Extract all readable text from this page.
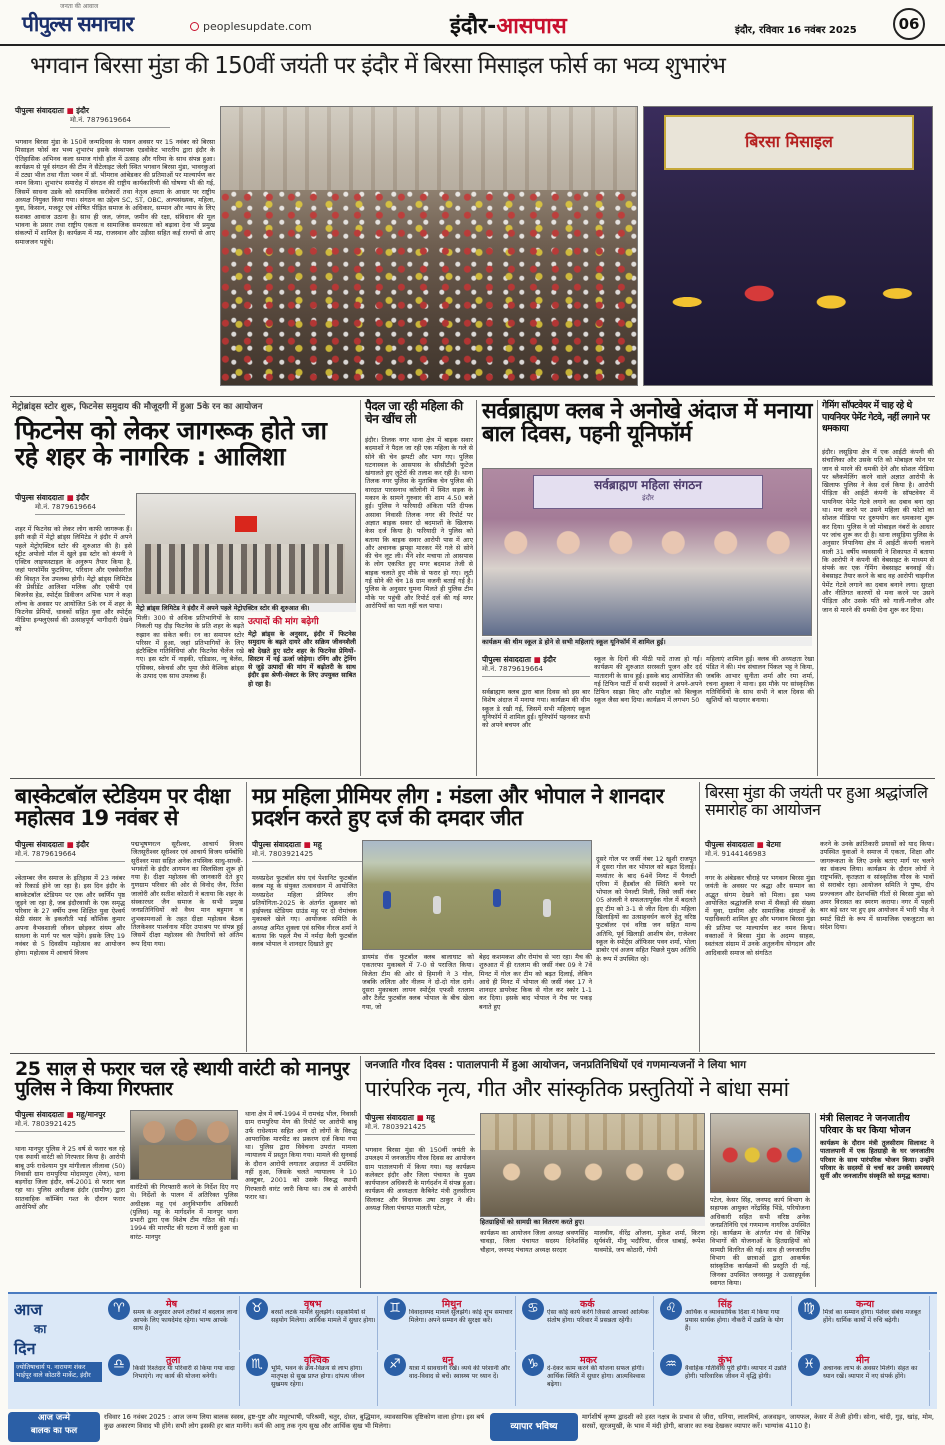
पीपुल्स समाचार
जनता की आवाज
peoplesupdate.com	इंदौर-आसपास	इंदौर, रविवार 16 नवंबर 2025	06
भगवान बिरसा मुंडा की 150वीं जयंती पर इंदौर में बिरसा मिसाइल फोर्स का भव्य शुभारंभ
पीपुल्स संवाददाता ■ इंदौर
मो.नं. 7879619664
भगवान बिरसा मुंडा के 150वें जन्मदिवस के पावन अवसर पर 15 नवंबर को बिरसा मिसाइल फोर्स का भव्य शुभारंभ इसके संस्थापक एडवोकेट भारतीय द्वारा इंदौर के ऐतिहासिक अभिनव कला समाज गांधी हॉल में उत्साह और गरिमा के साथ संपन्न हुआ। कार्यक्रम से पूर्व संगठन की टीम ने सैटेलाइट जेली स्थित भगवान बिरसा मुंडा, भावरकुआं में टट्या भील तथा गीता भवन में डॉ. भीमराव आंबेडकर की प्रतिमाओं पर माल्यार्पण कर नमन किया। शुभारंभ समारोह में संगठन की राष्ट्रीय कार्यकारिणी की घोषणा भी की गई, जिसमें साधना उडके को सामाजिक सरोकारों तथा नेतृत्व क्षमता के आधार पर राष्ट्रीय अध्यक्ष नियुक्त किया गया। संगठन का उद्देश्य SC, ST, OBC, अल्पसंख्यक, महिला, युवा, किसान, मजदूर एवं शोषित पीड़ित समाज के अधिकार, सम्मान और न्याय के लिए सशक्त आवाज उठाना है। साथ ही जल, जंगल, जमीन की रक्षा, संविधान की मूल भावना के प्रसार तथा राष्ट्रीय एकता व सामाजिक समरसता को बढ़ावा देना भी प्रमुख संकल्पों में शामिल है। कार्यक्रम में मप्र, राजस्थान और उड़ीसा सहित कई राज्यों से आए समाजजन पहुंचे।
बिरसा मिसाइल
मेट्रोब्रांड्स स्टोर शुरू, फिटनेस समुदाय की मौजूदगी में हुआ 5के रन का आयोजन
फिटनेस को लेकर जागरूक होते जा रहे शहर के नागरिक : आलिशा
पीपुल्स संवाददाता ■ इंदौर
मो.नं. 7879619664
शहर में फिटनेस को लेकर लोग काफी जागरूक हैं। इसी कड़ी में मेट्रो ब्रांड्स लिमिटेड ने इंदौर में अपने पहले मेट्रोएक्टिव स्टोर की शुरुआत की है। इसे स्ट्रीट अपोलो मॉल में खुले इस स्टोर को कंपनी ने एक्टिव लाइफस्टाइल के अनुरूप तैयार किया है, जहां परफॉर्मेंस फुटवियर, परिधान और एक्सेसरीज की विस्तृत रेंज उपलब्ध होगी। मेट्रो ब्रांड्स लिमिटेड की प्रेसीडेंट आलिशा मलिक और एबीपी एवं बिजनेस हेड, स्पोर्ट्स डिवीजन अभिक भाग ने कहा लॉन्च के अवसर पर आयोजित 5के रन में शहर के फिटनेस प्रेमियों, धावकों सहित युवा और स्पोर्ट्स मीडिया इन्फ्लुएंसर्स की उत्साहपूर्ण भागीदारी देखने को
मेट्रो ब्रांड्स लिमिटेड ने इंदौर में अपने पहले मेट्रोएक्टिव स्टोर की शुरुआत की।
मिली। 300 से अधिक प्रतिभागियों के साथ निकली यह दौड़ फिटनेस के प्रति शहर के बढ़ते रुझान का संकेत बनी। रन का समापन स्टोर परिसर में हुआ, जहां प्रतिभागियों के लिए इंटरैक्टिव गतिविधियां और फिटनेस चैलेंज रखे गए। इस स्टोर में नाइकी, एडिडास, न्यू बैलेंस, एसिक्स, स्केचर्स और पूमा जैसे वैश्विक ब्रांड्स के उत्पाद एक साथ उपलब्ध हैं।
उत्पादों की मांग बढ़ेगी
मेट्रो ब्रांड्स के अनुसार, इंदौर में फिटनेस समुदाय के बढ़ते दायरे और सक्रिय जीवनशैली को देखते हुए स्टोर शहर के फिटनेस प्रेमियों-सिस्टम में नई ऊर्जा जोड़ेगा। रनिंग और ट्रेनिंग से जुड़े उत्पादों की मांग में बढ़ोतरी के साथ इंदौर इस श्रेणी-सेक्टर के लिए उपयुक्त साबित हो रहा है।
पैदल जा रही महिला की चेन खींच ली
इंदौर। तिलक नगर थाना क्षेत्र में बाइक सवार बदमाशों ने पैदल जा रही एक महिला के गले से सोने की चेन झपटी और भाग गए। पुलिस घटनास्थल के आसपास के सीसीटीवी फुटेज खंगालते हुए लुटेरों की तलाश कर रही है। थाना तिलक नगर पुलिस के मुताबिक चेन पुलिस की वारदात पारसनाथ कॉलोनी में स्थित सड़क के मकान के सामने गुरुवार की शाम 4.50 बजे हुई। पुलिस ने फरियादी अंकिता पति दीपक असावा निवासी तिलक नगर की रिपोर्ट पर अज्ञात बाइक सवार दो बदमाशों के खिलाफ केस दर्ज किया है। फरियादी ने पुलिस को बताया कि बाइक सवार आरोपी पास में आए और अचानक झपट्टा मारकर मेरे गले से सोने की चेन लूट ली। मैंने शोर मचाया तो आसपास के लोग एकत्रित हुए मगर बदमाश तेजी से बाइक चलाते हुए मौके से फरार हो गए। लूटी गई सोने की चेन 18 ग्राम वजनी बताई गई है। पुलिस के अनुसार घुमना मिलते ही पुलिस टीम मौके पर पहुंची और रिपोर्ट दर्ज की गई मगर आरोपियों का पता नहीं चल पाया।
सर्वब्राह्मण क्लब ने अनोखे अंदाज में मनाया बाल दिवस, पहनी यूनिफॉर्म
सर्वब्राह्मण महिला संगठन
इंदौर
कार्यक्रम की थीम स्कूल डे होने से सभी महिलाएं स्कूल यूनिफॉर्म में शामिल हुईं।
पीपुल्स संवाददाता ■ इंदौर
मो.नं. 7879619664
सर्वब्राह्मण क्लब द्वारा बाल दिवस को इस बार विशेष अंदाज में मनाया गया। कार्यक्रम की थीम स्कूल डे रखी गई, जिसमें सभी महिलाएं स्कूल यूनिफॉर्म में शामिल हुईं। यूनिफॉर्म पहनकर सभी को अपने बचपन और
स्कूल के दिनों की मीठी यादें ताजा हो गईं। कार्यक्रम की शुरुआत सरस्वती पूजन और दर्द मातारानी के साथ हुई। इसके बाद आयोजित की गई टिफिन पार्टी में सभी सदस्यों ने अपने-अपने टिफिन साझा किए और माहौल को बिल्कुल स्कूल जैसा बना दिया। कार्यक्रम में लगभग 50
महिलाएं शामिल हुईं। क्लब की अध्यक्षता रेखा पंडित ने की। मंच संचालन पिंकल भट्ट ने किया, जबकि आभार सुनीता शर्मा और रमा शर्मा, रचना शुक्ला ने माना। इस मौके पर सांस्कृतिक गतिविधियों के साथ सभी ने बाल दिवस की खुशियों को यादगार बनाया।
गेमिंग सॉफ्टवेयर में चाह रहे थे पायनियर पेमेंट गेटवे, नहीं लगाने पर धमकाया
इंदौर। लसूड़िया क्षेत्र में एक आईटी कंपनी की संचालिका और उसके पति को मोबाइल फोन पर जान से मारने की धमकी देने और सोशल मीडिया पर ब्लैकमेलिंग करने वाले अज्ञात आरोपी के खिलाफ पुलिस ने केस दर्ज किया है। आरोपी पीड़िता की आईटी कंपनी के सॉफ्टवेयर में पायनियर पेमेंट गेटवे लगाने का दबाव बना रहा था। मना करने पर उसने महिला की फोटो का सोशल मीडिया पर दुरुपयोग कर धमकाना शुरू कर दिया। पुलिस ने जो मोबाइल नंबरों के आधार पर जांच शुरू कर दी है। थाना लसूड़िया पुलिस के अनुसार निपानिया क्षेत्र में आईटी कंपनी चलाने वाली 31 वर्षीय व्यवसायी ने शिकायत में बताया कि आरोपी ने कंपनी की वेबसाइट के माध्यम से संपर्क कर एक गेमिंग वेबसाइट बनवाई थी। वेबसाइट तैयार करने के बाद वह आरोपी चाइनीज पेमेंट गेटवे लगाने का दबाव बनाने लगा। सुरक्षा और नीतिगत कारणों से मना करने पर उसने पीड़िता और उसके पति को गाली-गलौज और जान से मारने की धमकी देना शुरू कर दिया।
बास्केटबॉल स्टेडियम पर दीक्षा महोत्सव 19 नवंबर से
पीपुल्स संवाददाता ■ इंदौर
मो.नं. 7879619664
श्वेताम्बर जैन समाज के इतिहास में 23 नवंबर को रिकार्ड होने जा रहा है। इस दिन इंदौर के बास्केटबॉल स्टेडियम पर एक और स्वर्णिम पृष्ठ जुड़ने जा रहा है, जब इंदौरवासी के एक समृद्ध परिवार के 27 वर्षीय उच्च शिक्षित युवा ऐश्वर्य सेठी संसार के इकलौती भाई कौशिक कुमार अपना वैभवशाली जीवन छोड़कर संयम और साधना के मार्ग पर चल पड़ेंगे। इसके लिए 19 नवंबर से 5 दिवसीय महोत्सव का आयोजन होगा। महोत्सव में आचार्य विजय
पद्मभूषणरत्न सूरीश्वर, आचार्य विजय जितसूरीश्वर सूरीश्वर एवं आचार्य विजय धर्मबोधि सूरीश्वर मसा सहित अनेक तपस्विक साधु-साध्वी-भगवंतों के इंदौर आगमन का सिलसिला शुरू हो गया है। दीक्षा महोत्सव की जानकारी देते हुए गुणग्राम परिवार की ओर से विनोद जैन, रितेश जालोरी और सतीश कोठारी ने बताया कि शहर के संस्कारधर जैन समाज के सभी प्रमुख जनप्रतिनिधियों को वैध्य मान बहुमान व शुभकामनाओं के तहत दीक्षा महोत्सव बैठक तिलकेश्वर पार्श्वनाथ मंदिर उपाश्रय पर संपन्न हुई जिसमें दीक्षा महोत्सव की तैयारियों को अंतिम रूप दिया गया।
मप्र महिला प्रीमियर लीग : मंडला और भोपाल ने शानदार प्रदर्शन करते हुए दर्ज की दमदार जीत
पीपुल्स संवाददाता ■ महू
मो.नं. 7803921425
मध्यप्रदेश फुटबॉल संघ एवं पेशानिट फुटबॉल क्लब महू के संयुक्त तत्वावधान में आयोजित मध्यप्रदेश महिला प्रीमियर लीग प्रतियोगिता-2025 के अंतर्गत शुक्रवार को हाईफ्लड स्टेडियम ग्राउंड महू पर दो रोमांचक मुकाबले खेले गए। आयोजक समिति के अध्यक्ष अमित शुक्ला एवं सचिव नीरज शर्मा ने बताया कि पहले मैच में नर्मदा वैली फुटबॉल क्लब भोपाल ने शानदार दिखाते हुए
डायमंड रॉक फुटबॉल क्लब बालाघाट को एकतरफा मुकाबले में 7-0 से पराजित किया। विजेता टीम की ओर से हिमानी ने 3 गोल, जबकि ललिता और नीलम ने दो-दो गोल दागे। दूसरा मुकाबला लायन स्पोर्ट्स एफसी रतलाम और टैलेंट फुटबॉल क्लब भोपाल के बीच खेला गया, जो
बेहद कशमकश और रोमांच से भरा रहा। मैच की शुरुआत में ही रतलाम की जर्सी नंबर 09 ने 7वें मिनट में गोल कर टीम को बढ़त दिलाई, लेकिन आधे ही मिनट में भोपाल की जर्सी नंबर 17 ने शानदार डायरेक्ट किक से गोल कर स्कोर 1-1 कर दिया। इसके बाद भोपाल ने मैच पर पकड़ बनाते हुए
दूसरे गोल पर जर्सी नंबर 12 खुशी राजपूत ने दूसरा गोल कर भोपाल को बढ़त दिलाई। मध्यांतर के बाद 64वें मिनट में पैनल्टी एरिया में हैंडबॉल की स्थिति बनने पर भोपाल को पेनल्टी मिली, जिसे जर्सी नंबर 05 अंजली ने सफलतापूर्वक गोल में बदलते हुए टीम को 3-1 से जीत दिला दी। महिला खिलाड़ियों का उत्साहवर्धन करने हेतु वरिष्ठ फुटबॉलर एवं वरिष्ठ जन सहित मान्य अतिथि, पूर्व खिलाड़ी आशीष सेन, राजेश्वर स्कूल के स्पोर्ट्स ऑफिसर पवन शर्मा, भोला डाबोर एवं अजय सहित पिछले मुख्य अतिथि के रूप में उपस्थित रहे।
बिरसा मुंडा की जयंती पर हुआ श्रद्धांजलि समारोह का आयोजन
पीपुल्स संवाददाता ■ बेटमा
मो.नं. 9144146983
नगर के अंबेडकर चौराहे पर भगवान बिरसा मुंडा जयंती के अवसर पर श्रद्धा और सम्मान का अद्भुत संगम देखने को मिला। इस भव्य आयोजित श्रद्धांजलि सभा में सैकड़ों की संख्या में युवा, ग्रामीण और सामाजिक संगठनों के पदाधिकारी शामिल हुए और भगवान बिरसा मुंडा की प्रतिमा पर माल्यार्पण कर नमन किया। वक्ताओं ने बिरसा मुंडा के अदम्य साहस, स्वतंत्रता संग्राम में उनके अतुलनीय योगदान और आदिवासी समाज को संगठित
करने के उनके क्रांतिकारी प्रयासों को याद किया। उपस्थित युवाओं ने समाज में एकता, शिक्षा और जागरूकता के लिए उनके बताए मार्ग पर चलने का संकल्प लिया। कार्यक्रम के दौरान लोगों ने राष्ट्रभक्ति, कृतज्ञता व सांस्कृतिक गौरव के भावों से सराबोर रहा। आयोजन समिति ने पुष्प, दीप प्रज्ज्वलन और देशभक्ति गीतों से बिरसा मुंडा को अमर विरासत का स्मरण कराया। नगर में पहली बार बड़े स्तर पर हुए इस आयोजन में भारी भीड़ ने स्मार्ट सिटी के रूप में सामाजिक एकजुटता का संदेश दिया।
25 साल से फरार चल रहे स्थायी वारंटी को मानपुर पुलिस ने किया गिरफ्तार
पीपुल्स संवाददाता ■ महू/मानपुर
मो.नं. 7803921425
थाना मानपुर पुलिस ने 25 वर्ष से फरार चल रहे एक स्थायी वारंटी को गिरफ्तार किया है। आरोपी बाबू उर्फ राधेश्याम पुत्र मांगीलाल लीलावा (50) निवासी ग्राम रामपुरिया मोदामपुरा (मेण), थाना बड़गोंदा जिला इंदौर, वर्ष-2001 से फरार चल रहा था। पुलिस अधीक्षक इंदौर (ग्रामीण) द्वारा सातवाहिक कॉम्बिंग गश्त के दौरान फरार आरोपियों और
वारंटियों की गिरफ्तारी करने के निर्देश दिए गए थे। निर्देशों के पालन में अतिरिक्त पुलिस अधीक्षक महू एवं अनुविभागीय अधिकारी (पुलिस) महू के मार्गदर्शन में मानपुर थाना प्रभारी द्वारा एक विशेष टीम गठित की गई। 1994 की मारपीट की घटना में जारी हुआ था वारंट- मानपुर
थाना क्षेत्र में वर्ष-1994 में रामचंद्र भील, निवासी ग्राम रामपुरिया मेण की रिपोर्ट पर आरोपी बाबू उर्फ राधेश्याम सहित अन्य दो लोगों के विरुद्ध आपराधिक मारपीट का प्रकरण दर्ज किया गया था। पुलिस द्वारा विवेचना उपरांत मामला न्यायालय में प्रस्तुत किया गया। मामले की सुनवाई के दौरान आरोपी लगातार अदालत में उपस्थित नहीं हुआ, जिसके चलते न्यायालय ने 10 अक्टूबर, 2001 को उसके विरुद्ध स्थायी गिरफ्तारी वारंट जारी किया था। तब से आरोपी फरार था।
जनजाति गौरव दिवस : पातालपानी में हुआ आयोजन, जनप्रतिनिधियों एवं गणमान्यजनों ने लिया भाग
पारंपरिक नृत्य, गीत और सांस्कृतिक प्रस्तुतियों ने बांधा समां
पीपुल्स संवाददाता ■ महू
मो.नं. 7803921425
भगवान बिरसा मुंडा की 150वीं जयंती के उपलक्ष्य में जनजातीय गौरव दिवस का आयोजन ग्राम पातालपानी में किया गया। यह कार्यक्रम कलेक्टर इंदौर और जिला पंचायत के मुख्य कार्यपालन अधिकारी के मार्गदर्शन में संपन्न हुआ। कार्यक्रम की अध्यक्षता कैबिनेट मंत्री तुलसीराम सिलावट और विधायक उषा ठाकुर ने की। अध्यक्ष जिला पंचायत मालती पटेल,
हितग्राहियों को सामग्री का वितरण करते हुए।
कार्यक्रम का आयोजन जिला अध्यक्ष श्रवणसिंह चावड़ा, जिला पंचायत सदस्य दिनेशसिंह चौहान, जनपद पंचायत अध्यक्ष सरदार
मालवीय, वीरेंद्र ओंजना, मुकेश शर्मा, किरण सूर्यवंशी, मीनू भदौरिया, धीरज धाबाई, रूपेश यावमोडे, जय कोठारी, गोपी
पटेल, केसर सिंह, जनपद कार्य विभाग के सहायक आयुक्त नरेंद्रसिंह भिंडे, परियोजना अधिकारी सहित सभी वरिष्ठ अनेक जनप्रतिनिधि एवं गणमान्य नागरिक उपस्थित रहे। कार्यक्रम के अंतर्गत मंच से विभिन्न विभागों की योजनाओं के हितग्राहियों को सामग्री वितरित की गई। साथ ही जनजातीय विभाग की छात्राओं द्वारा आकर्षक सांस्कृतिक कार्यक्रमों की प्रस्तुति दी गई, जिनका उपस्थित जनसमूह ने उत्साहपूर्वक स्वागत किया।
मंत्री सिलावट ने जनजातीय परिवार के घर किया भोजन
कार्यक्रम के दौरान मंत्री तुलसीराम सिलावट ने पातालपानी में एक हितग्राही के घर जनजातीय परिवार के साथ पारंपरिक भोजन किया। उन्होंने परिवार के सदस्यों से चर्चा कर उनकी समस्याएं सुनीं और जनजातीय संस्कृति को समृद्ध बताया।
आज
का
दिन
ज्योतिषाचार्य प. नारायण शंकर भाईपूर वाले कोठारी मार्केट, इंदौर
♈	मेष
समय के अनुसार अपने तरीकों में बदलाव लाना आपके लिए फायदेमंद रहेगा। भाग्य आपके साथ है।
♉	वृषभ
बरसों लटके मामले सुलझेंगे। सहकर्मियों से सहयोग मिलेगा। आर्थिक मामले में सुधार होगा।
♊	मिथुन
विवादास्पद मामले सुलझेंगे। कोई शुभ समाचार मिलेगा। अपने सम्मान की सुरक्षा करें।
♋	कर्क
ऐसा कोई कार्य करेंगे जिससे आपको आत्मिक संतोष होगा। परिवार में प्रसन्नता रहेगी।
♌	सिंह
आर्थिक व व्यावसायिक दिशा में किया गया प्रयास सार्थक होगा। नौकरी में उन्नति के योग हैं।
♍	कन्या
मित्रों का सम्मान होगा। पेशेवर संबंध मजबूत होंगे। धार्मिक कार्यों में रुचि बढ़ेगी।
♎	तुला
किसी रिश्तेदार या परिवारी से किया गया वादा निभाएंगे। नए कार्य की योजना बनेगी।
♏	वृश्चिक
भूमि, भवन के क्रय-विक्रय से लाभ होगा। मातृपक्ष से सुख प्राप्त होगा। दांपत्य जीवन सुखमय रहेगा।
♐	धनु
यात्रा में सावधानी रखें। व्यर्थ की परेशानी और वाद-विवाद से बचें। स्वास्थ्य पर ध्यान दें।
♑	मकर
दे-देकर काम करने की योजना सफल होगी। आर्थिक स्थिति में सुधार होगा। आत्मविश्वास बढ़ेगा।
♒	कुंभ
वैवाहिक गतिविधि पूरी होंगी। व्यापार में उन्नति होगी। पारिवारिक जीवन में वृद्धि होगी।
♓	मीन
अचानक लाभ के अवसर मिलेंगे। सेहत का ध्यान रखें। व्यापार में नए संपर्क होंगे।
आज जन्मे
बालक का फल
रविवार 16 नवंबर 2025 : आज जन्म लिया बालक स्वस्थ, हृष्ट-पुष्ट और मधुरभाषी, परिश्रमी, चतुर, दोस्त, बुद्धिमान, व्यावसायिक दृष्टिकोण वाला होगा। इस बर्ष कुछ अकारण विवाद भी होंगे। सभी लोग इसकी हर बात मानेंगे। कर्म की आयु तक नृत्य सुख और आर्थिक सुख भी मिलेगा।	व्यापार भविष्य
मार्गशीर्ष कृष्ण द्वादशी को हस्त नक्षत्र के प्रभाव से जीरा, धनिया, लालमिर्च, अजवाइन, जायफल, केसर में तेजी होगी। सोना, चांदी, गुड़, खांड़, मोम, सरसों, सूरजमुखी, के भाव में मंदी होगी, बाजार का रुख देखकर व्यापार करें। भाग्यांक 4110 है।
